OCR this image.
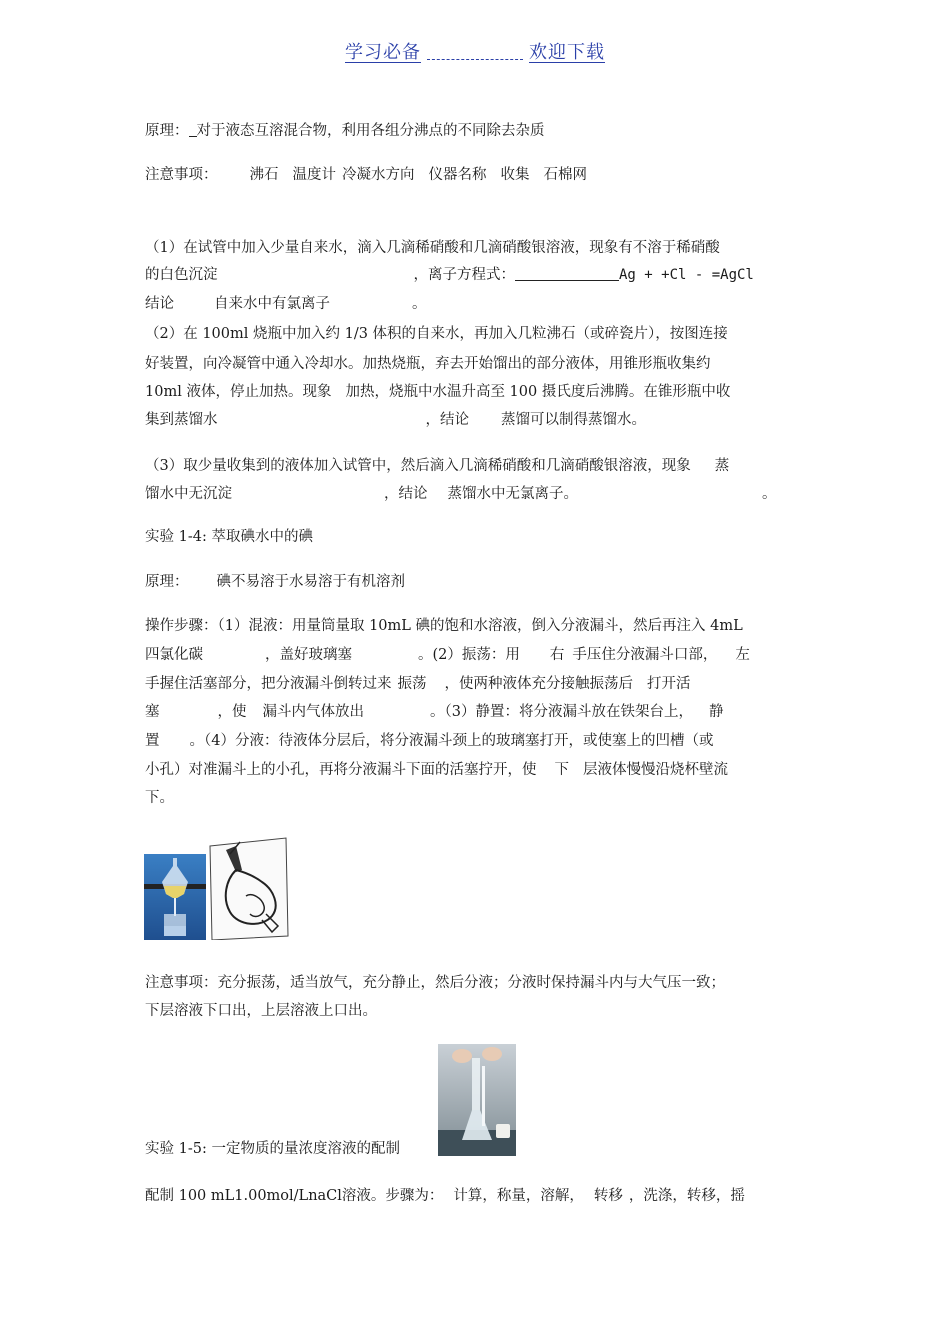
学习必备	欢迎下载
原理： 对于液态互溶混合物，利用各组分沸点的不同除去杂质
注意事项： 沸石 温度计 冷凝水方向 仪器名称 收集 石棉网
（1）在试管中加入少量自来水，滴入几滴稀硝酸和几滴硝酸银溶液，现象有不溶于稀硝酸
的白色沉淀	，离子方程式：	Ag + +Cl - =AgCl
结论	自来水中有氯离子	。
（2）在 100ml 烧瓶中加入约 1/3 体积的自来水，再加入几粒沸石（或碎瓷片），按图连接
好装置，向冷凝管中通入冷却水。加热烧瓶，弃去开始馏出的部分液体，用锥形瓶收集约
10ml 液体，停止加热。现象 加热，烧瓶中水温升高至 100 摄氏度后沸腾。在锥形瓶中收
集到蒸馏水	，结论 蒸馏可以制得蒸馏水。
（3）取少量收集到的液体加入试管中，然后滴入几滴稀硝酸和几滴硝酸银溶液，现象 蒸
馏水中无沉淀	，结论 蒸馏水中无氯离子。	。
实验 1-4: 萃取碘水中的碘
原理： 碘不易溶于水易溶于有机溶剂
操作步骤：（1）混液：用量筒量取 10mL 碘的饱和水溶液，倒入分液漏斗，然后再注入 4mL
四氯化碳	，盖好玻璃塞	。(2）振荡：用 右 手压住分液漏斗口部， 左
手握住活塞部分，把分液漏斗倒转过来 振荡 ，使两种液体充分接触振荡后 打开活
塞	，使 漏斗内气体放出	。（3）静置：将分液漏斗放在铁架台上， 静
置 。（4）分液：待液体分层后，将分液漏斗颈上的玻璃塞打开，或使塞上的凹槽（或
小孔）对准漏斗上的小孔，再将分液漏斗下面的活塞拧开，使 下 层液体慢慢沿烧杯壁流
下。
注意事项：充分振荡，适当放气，充分静止，然后分液；分液时保持漏斗内与大气压一致；
下层溶液下口出，上层溶液上口出。
实验 1-5: 一定物质的量浓度溶液的配制
配制 100 mL1.00mol/LnaCl溶液。步骤为： 计算，称量，溶解， 转移 ，洗涤，转移，摇
